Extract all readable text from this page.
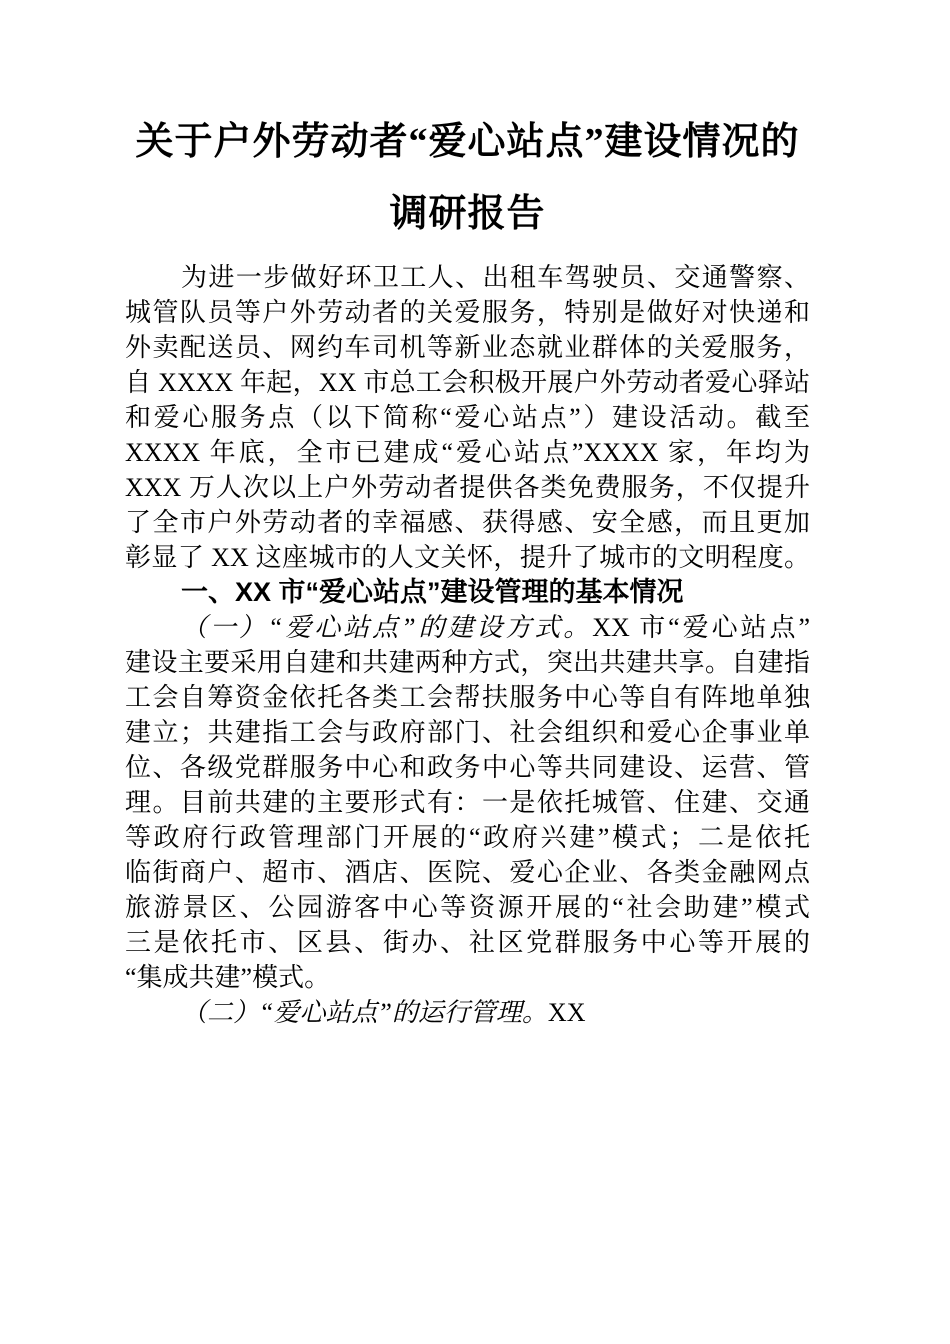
关于户外劳动者“爱心站点”建设情况的
调研报告
为进一步做好环卫工人、出租车驾驶员、交通警察、
城管队员等户外劳动者的关爱服务，特别是做好对快递和
外卖配送员、网约车司机等新业态就业群体的关爱服务，
自 XXXX 年起，XX 市总工会积极开展户外劳动者爱心驿站
和爱心服务点（以下简称“爱心站点”）建设活动。截至
XXXX 年底，全市已建成“爱心站点”XXXX 家，年均为
XXX 万人次以上户外劳动者提供各类免费服务，不仅提升
了全市户外劳动者的幸福感、获得感、安全感，而且更加
彰显了 XX 这座城市的人文关怀，提升了城市的文明程度。
一、XX 市“爱心站点”建设管理的基本情况
（一）“爱心站点”的建设方式。XX 市“爱心站点”
建设主要采用自建和共建两种方式，突出共建共享。自建指
工会自筹资金依托各类工会帮扶服务中心等自有阵地单独
建立；共建指工会与政府部门、社会组织和爱心企事业单
位、各级党群服务中心和政务中心等共同建设、运营、管
理。目前共建的主要形式有：一是依托城管、住建、交通
等政府行政管理部门开展的“政府兴建”模式；二是依托
临街商户、超市、酒店、医院、爱心企业、各类金融网点
旅游景区、公园游客中心等资源开展的“社会助建”模式
三是依托市、区县、街办、社区党群服务中心等开展的
“集成共建”模式。
（二）“爱心站点”的运行管理。XX
